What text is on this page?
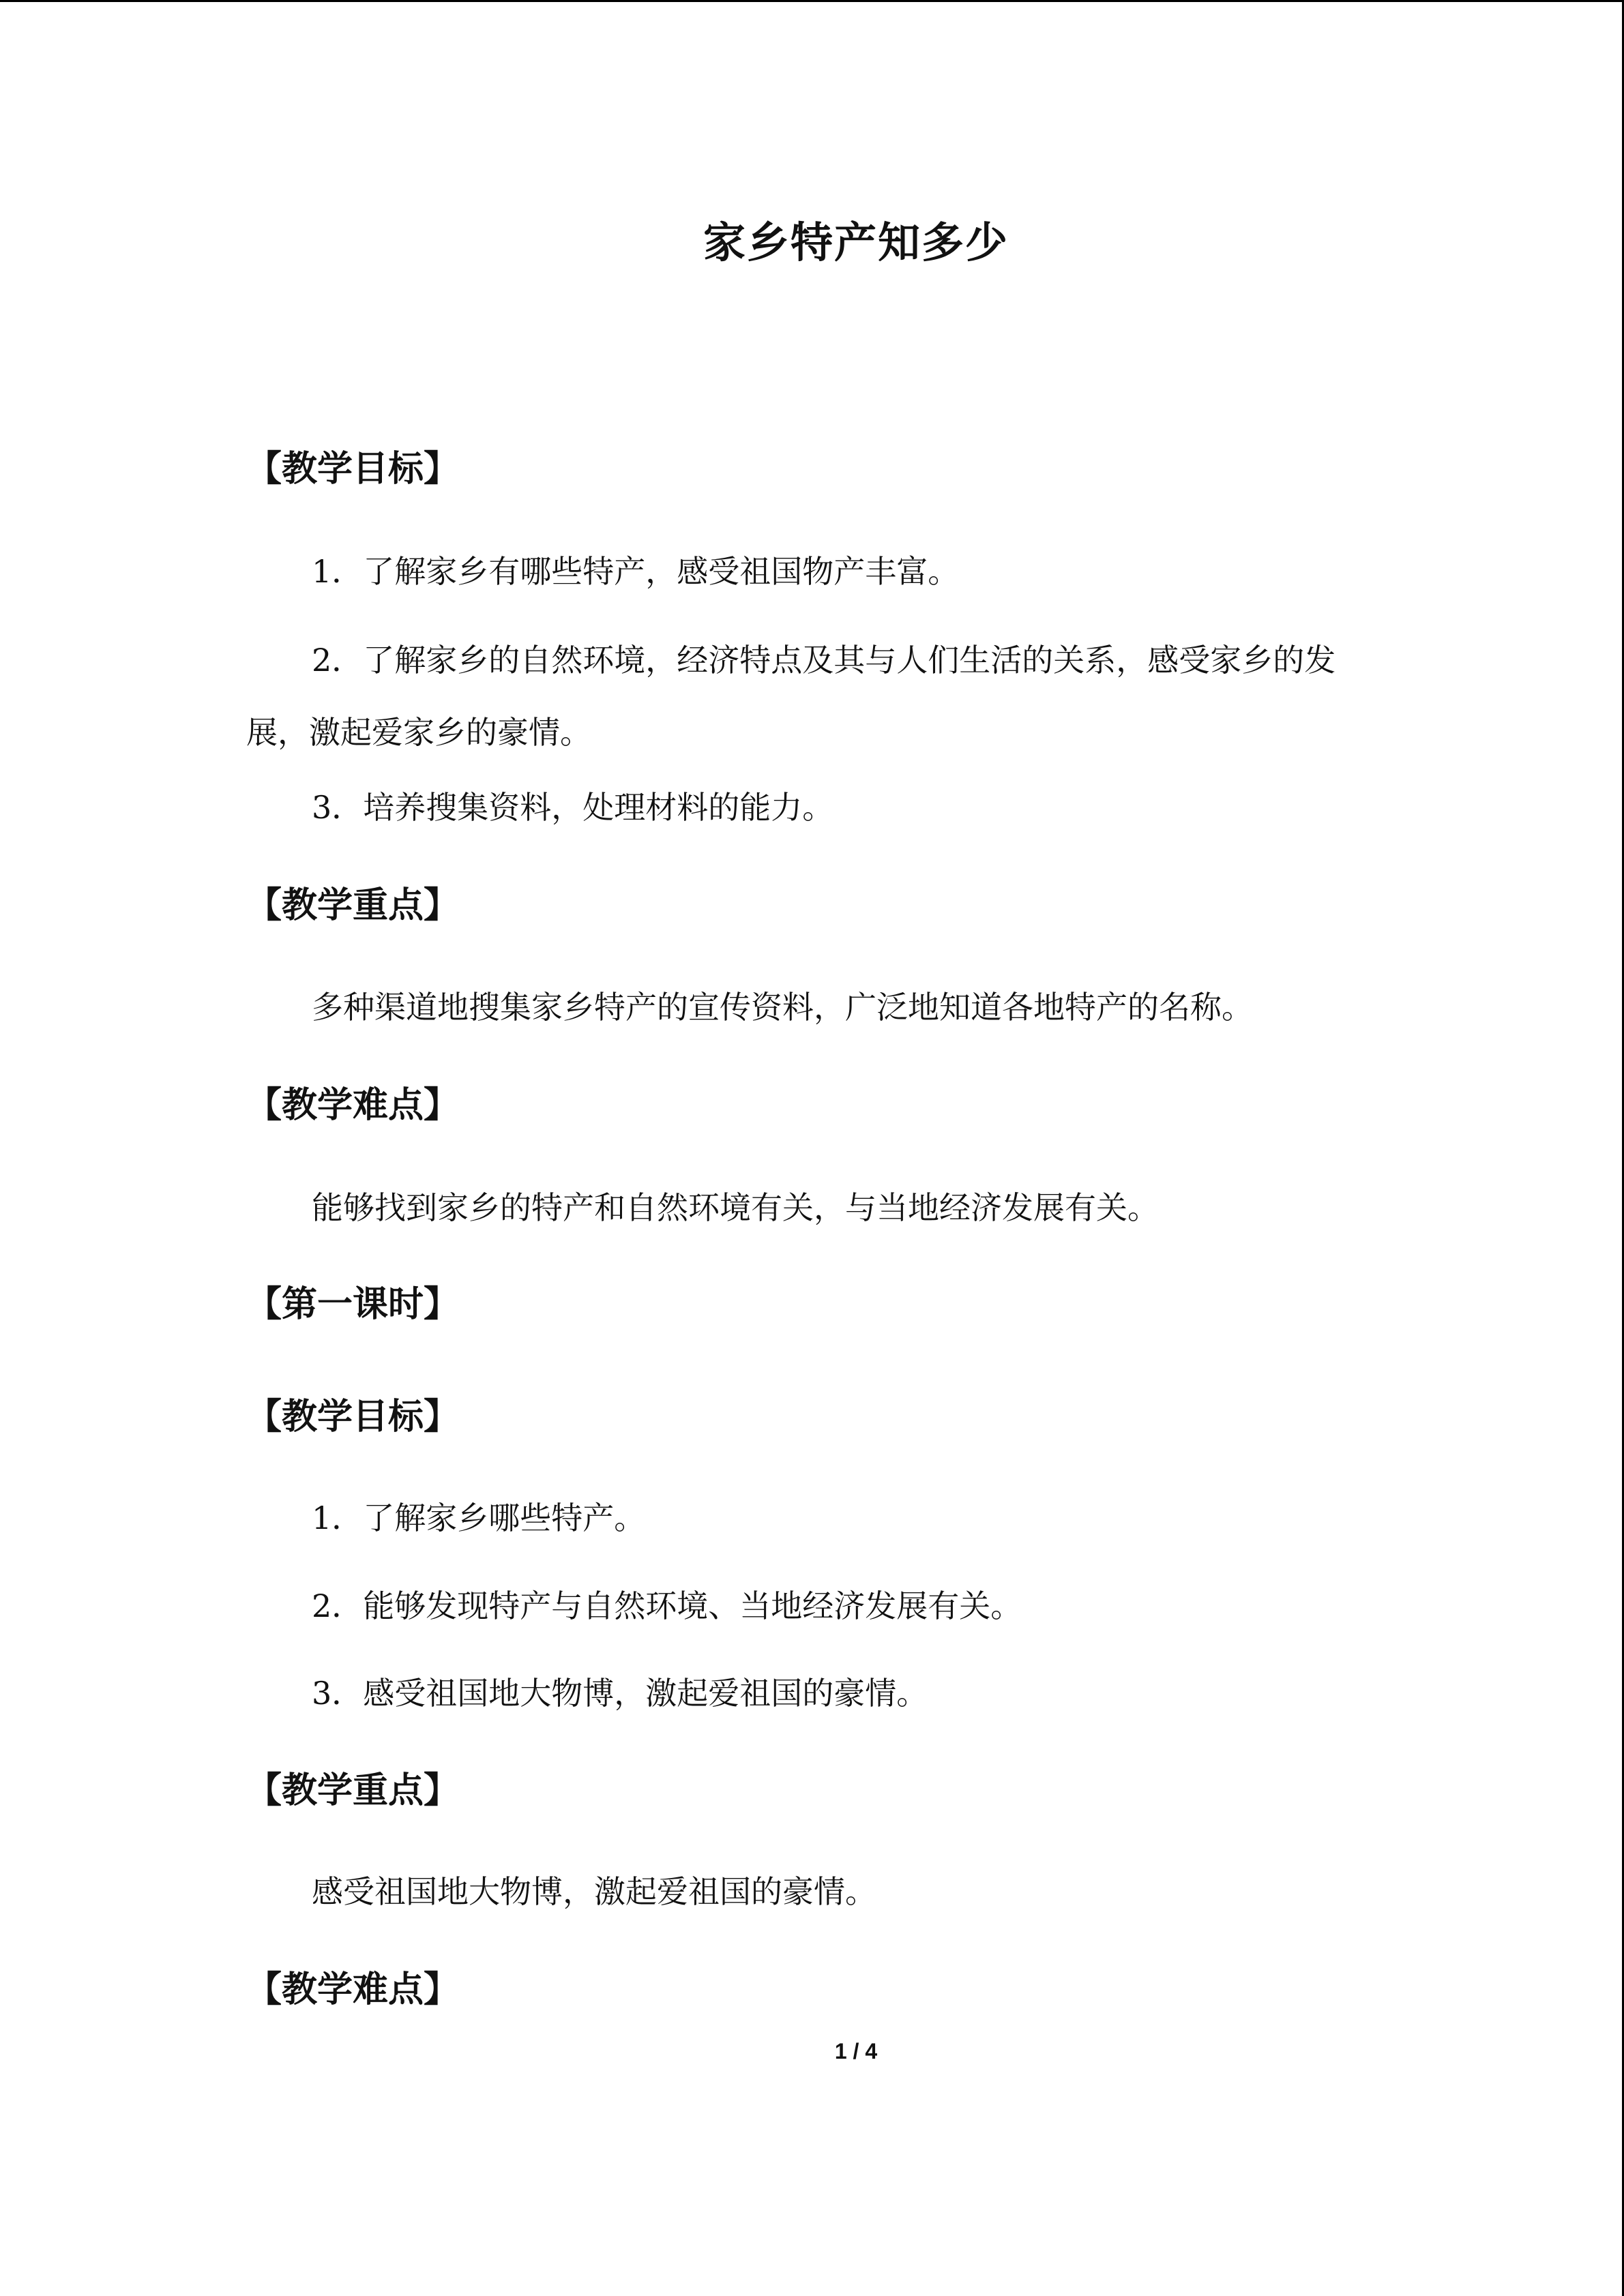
家乡特产知多少
【教学目标】
1．了解家乡有哪些特产，感受祖国物产丰富。
2．了解家乡的自然环境，经济特点及其与人们生活的关系，感受家乡的发展，激起爱家乡的豪情。
3．培养搜集资料，处理材料的能力。
【教学重点】
多种渠道地搜集家乡特产的宣传资料，广泛地知道各地特产的名称。
【教学难点】
能够找到家乡的特产和自然环境有关，与当地经济发展有关。
【第一课时】
【教学目标】
1．了解家乡哪些特产。
2．能够发现特产与自然环境、当地经济发展有关。
3．感受祖国地大物博，激起爱祖国的豪情。
【教学重点】
感受祖国地大物博，激起爱祖国的豪情。
【教学难点】
1 / 4
